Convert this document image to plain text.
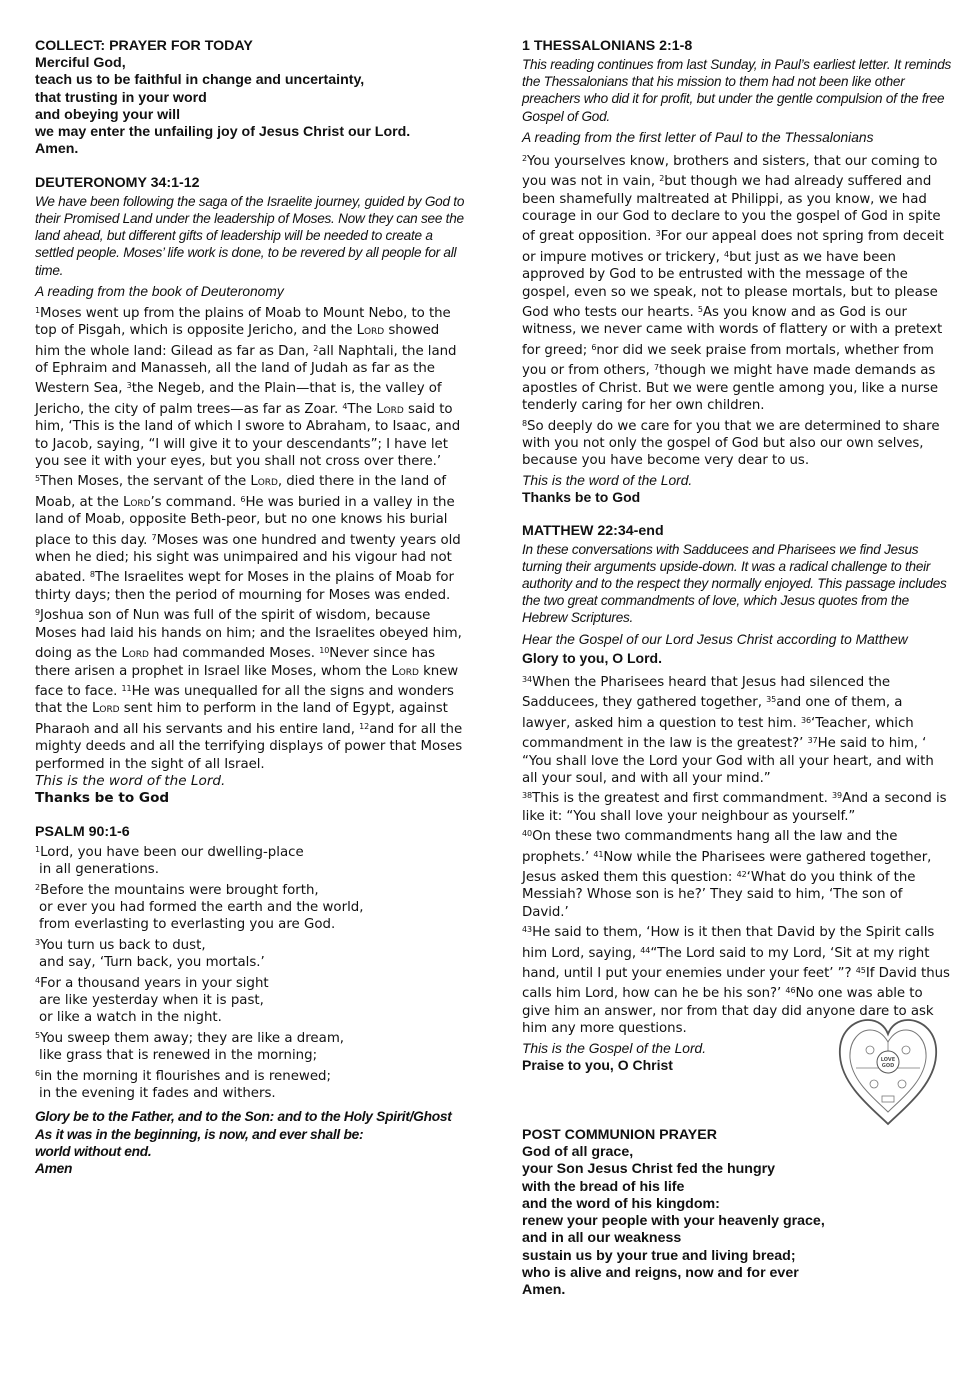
COLLECT: PRAYER FOR TODAY
Merciful God,
teach us to be faithful in change and uncertainty,
that trusting in your word
and obeying your will
we may enter the unfailing joy of Jesus Christ our Lord.
Amen.
DEUTERONOMY 34:1-12
We have been following the saga of the Israelite journey, guided by God to their Promised Land under the leadership of Moses. Now they can see the land ahead, but different gifts of leadership will be needed to create a settled people. Moses’ life work is done, to be revered by all people for all time.
A reading from the book of Deuteronomy
$^1$Moses went up from the plains of Moab to Mount Nebo, to the top of Pisgah, which is opposite Jericho, and the Lord showed him the whole land: Gilead as far as Dan, $^2$all Naphtali, the land of Ephraim and Manasseh, all the land of Judah as far as the Western Sea, $^3$the Negeb, and the Plain—that is, the valley of Jericho, the city of palm trees—as far as Zoar. $^4$The Lord said to him, ‘This is the land of which I swore to Abraham, to Isaac, and to Jacob, saying, “I will give it to your descendants”; I have let you see it with your eyes, but you shall not cross over there.’ $^5$Then Moses, the servant of the Lord, died there in the land of Moab, at the Lord’s command. $^6$He was buried in a valley in the land of Moab, opposite Beth-peor, but no one knows his burial place to this day. $^7$Moses was one hundred and twenty years old when he died; his sight was unimpaired and his vigour had not abated. $^8$The Israelites wept for Moses in the plains of Moab for thirty days; then the period of mourning for Moses was ended.
$^9$Joshua son of Nun was full of the spirit of wisdom, because Moses had laid his hands on him; and the Israelites obeyed him, doing as the Lord had commanded Moses. $^{10}$Never since has there arisen a prophet in Israel like Moses, whom the Lord knew face to face. $^{11}$He was unequalled for all the signs and wonders that the Lord sent him to perform in the land of Egypt, against Pharaoh and all his servants and his entire land, $^{12}$and for all the mighty deeds and all the terrifying displays of power that Moses performed in the sight of all Israel.
This is the word of the Lord.
Thanks be to God
PSALM 90:1-6
$^1$Lord, you have been our dwelling-place
in all generations.
$^2$Before the mountains were brought forth,
or ever you had formed the earth and the world,
from everlasting to everlasting you are God.
$^3$You turn us back to dust,
and say, ‘Turn back, you mortals.’
$^4$For a thousand years in your sight
are like yesterday when it is past,
or like a watch in the night.
$^5$You sweep them away; they are like a dream,
like grass that is renewed in the morning;
$^6$in the morning it flourishes and is renewed;
in the evening it fades and withers.
Glory be to the Father, and to the Son: and to the Holy Spirit/Ghost
As it was in the beginning, is now, and ever shall be:
world without end.
Amen
1 THESSALONIANS 2:1-8
This reading continues from last Sunday, in Paul’s earliest letter. It reminds the Thessalonians that his mission to them had not been like other preachers who did it for profit, but under the gentle compulsion of the free Gospel of God.
A reading from the first letter of Paul to the Thessalonians
$^2$You yourselves know, brothers and sisters, that our coming to you was not in vain, $^2$but though we had already suffered and been shamefully maltreated at Philippi, as you know, we had courage in our God to declare to you the gospel of God in spite of great opposition. $^3$For our appeal does not spring from deceit or impure motives or trickery, $^4$but just as we have been approved by God to be entrusted with the message of the gospel, even so we speak, not to please mortals, but to please God who tests our hearts. $^5$As you know and as God is our witness, we never came with words of flattery or with a pretext for greed; $^6$nor did we seek praise from mortals, whether from you or from others, $^7$though we might have made demands as apostles of Christ. But we were gentle among you, like a nurse tenderly caring for her own children.
$^8$So deeply do we care for you that we are determined to share with you not only the gospel of God but also our own selves, because you have become very dear to us.
This is the word of the Lord.
Thanks be to God
MATTHEW 22:34-end
In these conversations with Sadducees and Pharisees we find Jesus turning their arguments upside-down. It was a radical challenge to their authority and to the respect they normally enjoyed. This passage includes the two great commandments of love, which Jesus quotes from the Hebrew Scriptures.
Hear the Gospel of our Lord Jesus Christ according to Matthew
Glory to you, O Lord.
$^{34}$When the Pharisees heard that Jesus had silenced the Sadducees, they gathered together, $^{35}$and one of them, a lawyer, asked him a question to test him. $^{36}$‘Teacher, which commandment in the law is the greatest?’ $^{37}$He said to him, ‘ “You shall love the Lord your God with all your heart, and with all your soul, and with all your mind.”
$^{38}$This is the greatest and first commandment. $^{39}$And a second is like it: “You shall love your neighbour as yourself.”
$^{40}$On these two commandments hang all the law and the prophets.’ $^{41}$Now while the Pharisees were gathered together, Jesus asked them this question: $^{42}$‘What do you think of the Messiah? Whose son is he?’ They said to him, ‘The son of David.’
$^{43}$He said to them, ‘How is it then that David by the Spirit calls him Lord, saying, $^{44}$“The Lord said to my Lord, ‘Sit at my right hand, until I put your enemies under your feet’ ”? $^{45}$If David thus calls him Lord, how can he be his son?’ $^{46}$No one was able to give him an answer, nor from that day did anyone dare to ask him any more questions.
This is the Gospel of the Lord.
Praise to you, O Christ
POST COMMUNION PRAYER
God of all grace,
your Son Jesus Christ fed the hungry
with the bread of his life
and the word of his kingdom:
renew your people with your heavenly grace,
and in all our weakness
sustain us by your true and living bread;
who is alive and reigns, now and for ever
Amen.
LOVE
GOD
